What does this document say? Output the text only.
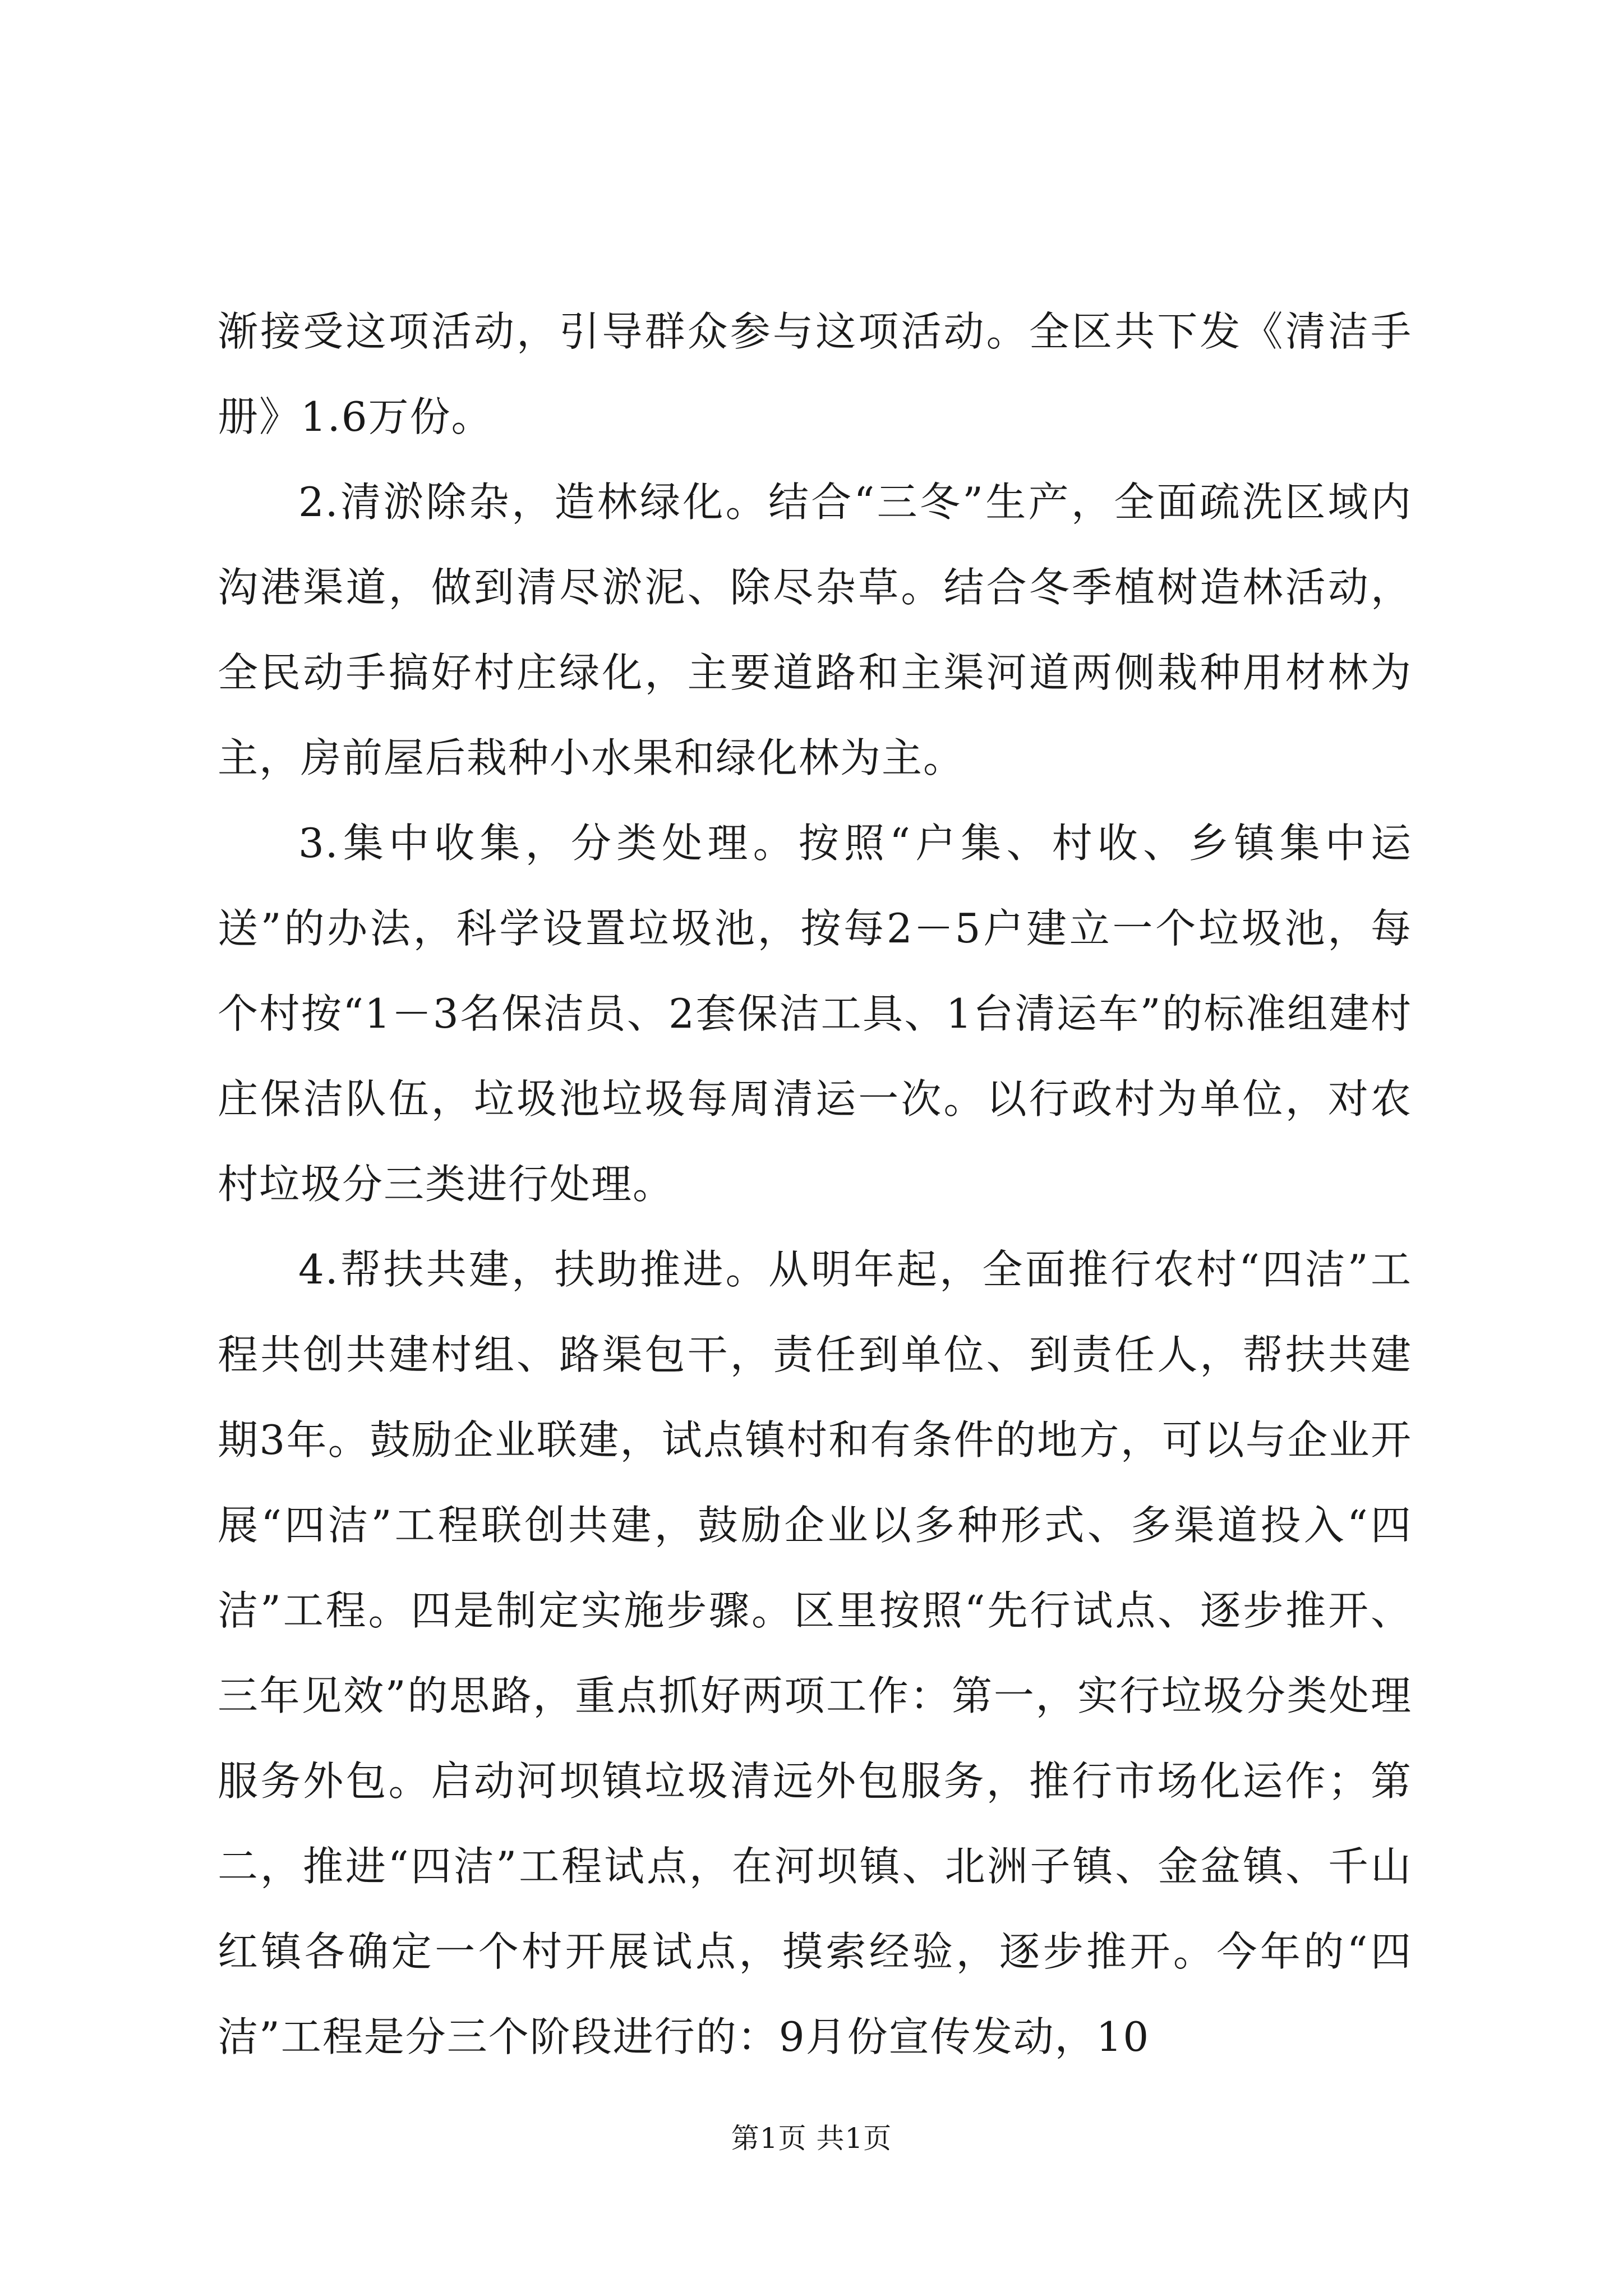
渐接受这项活动，引导群众参与这项活动。全区共下发《清洁手册》1.6万份。

2.清淤除杂，造林绿化。结合“三冬”生产，全面疏洗区域内沟港渠道，做到清尽淤泥、除尽杂草。结合冬季植树造林活动，全民动手搞好村庄绿化，主要道路和主渠河道两侧栽种用材林为主，房前屋后栽种小水果和绿化林为主。

3.集中收集，分类处理。按照“户集、村收、乡镇集中运送”的办法，科学设置垃圾池，按每2－5户建立一个垃圾池，每个村按“1－3名保洁员、2套保洁工具、1台清运车”的标准组建村庄保洁队伍，垃圾池垃圾每周清运一次。以行政村为单位，对农村垃圾分三类进行处理。

4.帮扶共建，扶助推进。从明年起，全面推行农村“四洁”工程共创共建村组、路渠包干，责任到单位、到责任人，帮扶共建期3年。鼓励企业联建，试点镇村和有条件的地方，可以与企业开展“四洁”工程联创共建，鼓励企业以多种形式、多渠道投入“四洁”工程。四是制定实施步骤。区里按照“先行试点、逐步推开、三年见效”的思路，重点抓好两项工作：第一，实行垃圾分类处理服务外包。启动河坝镇垃圾清远外包服务，推行市场化运作；第二，推进“四洁”工程试点，在河坝镇、北洲子镇、金盆镇、千山红镇各确定一个村开展试点，摸索经验，逐步推开。今年的“四洁”工程是分三个阶段进行的：9月份宣传发动，10

第1页 共1页
